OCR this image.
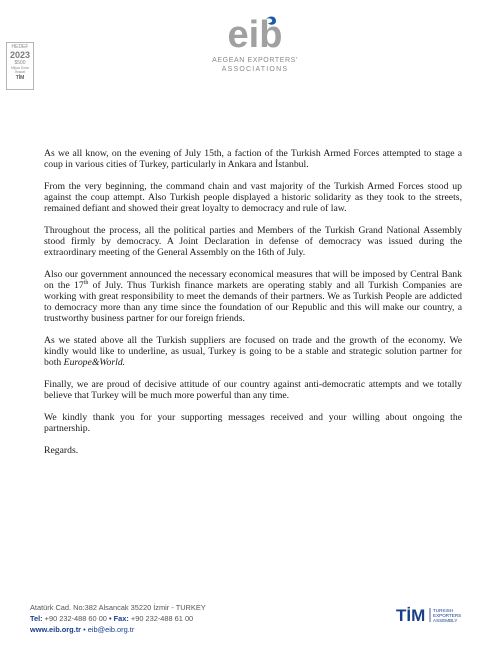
HEDEF
2023
$500
Milyar Dolar
İhracat
TİM
eib
AEGEAN EXPORTERS'
ASSOCIATIONS

As we all know, on the evening of July 15th, a faction of the Turkish Armed Forces attempted to stage a coup in various cities of Turkey, particularly in Ankara and İstanbul.

From the very beginning, the command chain and vast majority of the Turkish Armed Forces stood up against the coup attempt. Also Turkish people displayed a historic solidarity as they took to the streets, remained defiant and showed their great loyalty to democracy and rule of law.

Throughout the process, all the political parties and Members of the Turkish Grand National Assembly stood firmly by democracy. A Joint Declaration in defense of democracy was issued during the extraordinary meeting of the General Assembly on the 16th of July.

Also our government announced the necessary economical measures that will be imposed by Central Bank on the 17th of July. Thus Turkish finance markets are operating stably and all Turkish Companies are working with great responsibility to meet the demands of their partners. We as Turkish People are addicted to democracy more than any time since the foundation of our Republic and this will make our country, a trustworthy business partner for our foreign friends.

As we stated above all the Turkish suppliers are focused on trade and the growth of the economy. We kindly would like to underline, as usual, Turkey is going to be a stable and strategic solution partner for both Europe&World.

Finally, we are proud of decisive attitude of our country against anti-democratic attempts and we totally believe that Turkey will be much more powerful than any time.

We kindly thank you for your supporting messages received and your willing about ongoing the partnership.

Regards.

Atatürk Cad. No:382 Alsancak 35220 İzmir - TURKEY
Tel: +90 232-488 60 00 • Fax: +90 232-488 61 00
www.eib.org.tr • eib@eib.org.tr
TİM TURKISH
EXPORTERS
ASSEMBLY
